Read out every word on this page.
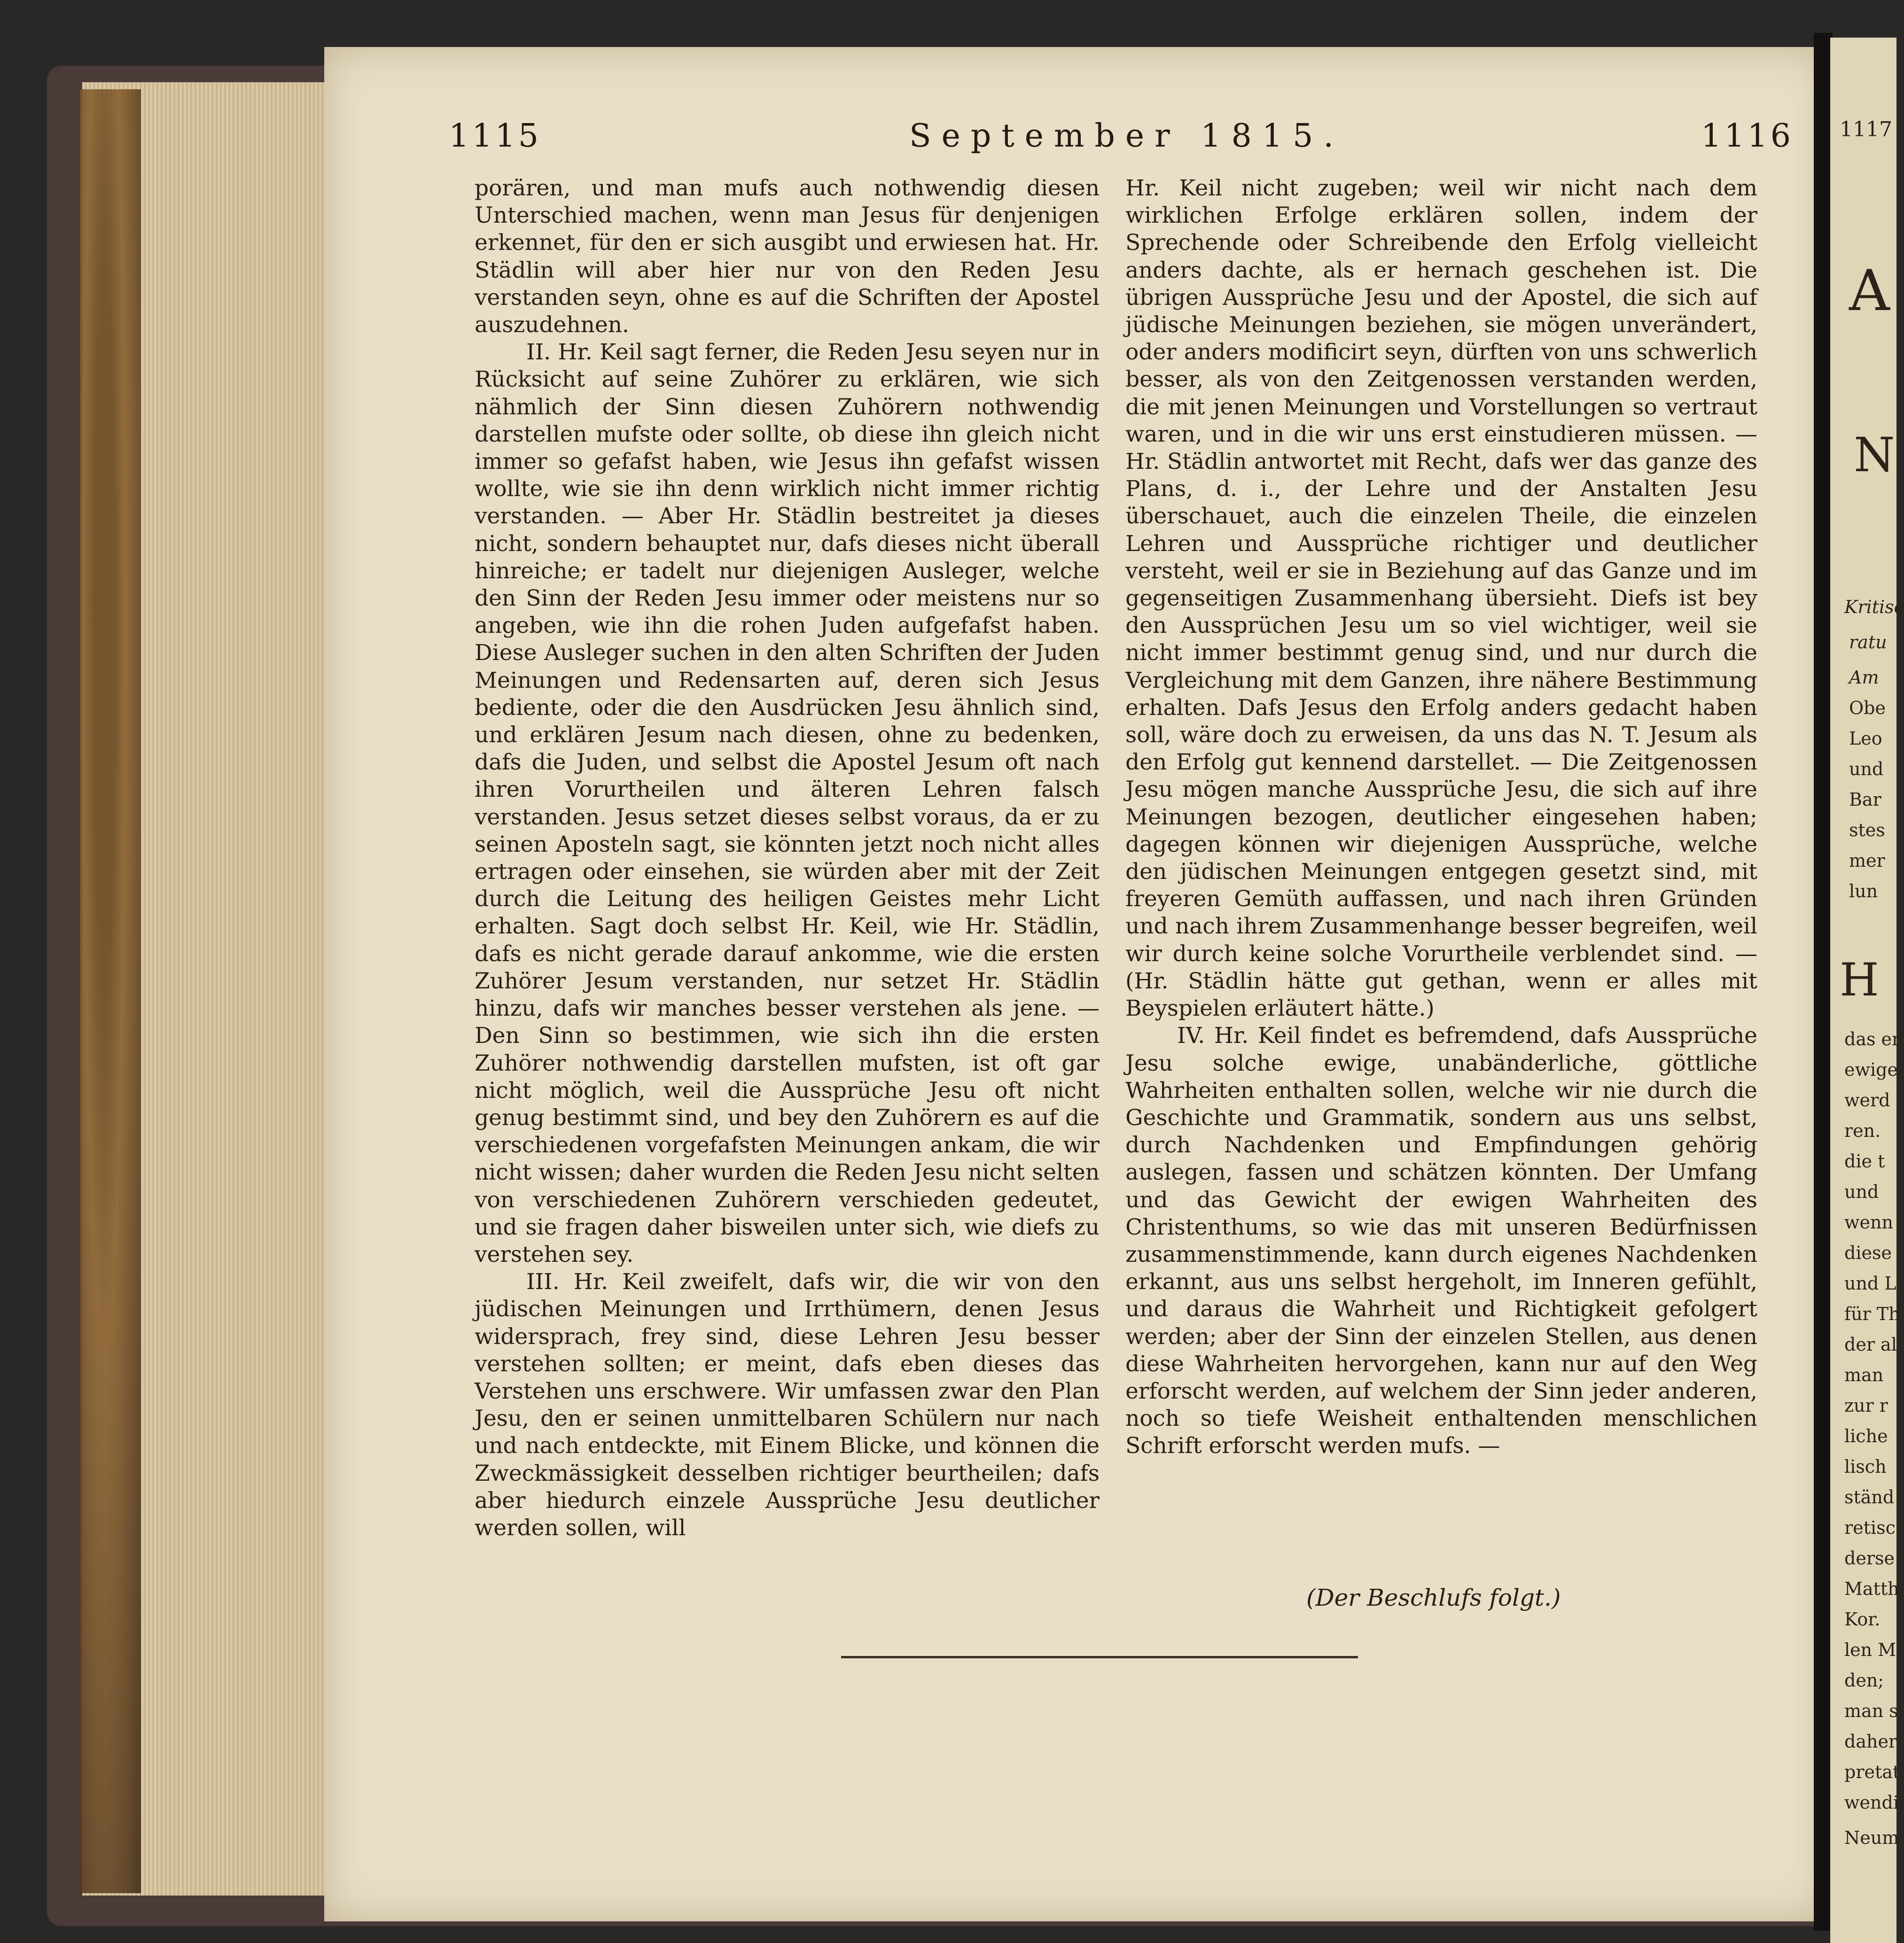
1115	September 1815.	1116

porären, und man mufs auch nothwendig diesen Unterschied machen, wenn man Jesus für denjenigen erkennet, für den er sich ausgibt und erwiesen hat. Hr. Städlin will aber hier nur von den Reden Jesu verstanden seyn, ohne es auf die Schriften der Apostel auszudehnen.

II. Hr. Keil sagt ferner, die Reden Jesu seyen nur in Rücksicht auf seine Zuhörer zu erklären, wie sich nähmlich der Sinn diesen Zuhörern nothwendig darstellen mufste oder sollte, ob diese ihn gleich nicht immer so gefafst haben, wie Jesus ihn gefafst wissen wollte, wie sie ihn denn wirklich nicht immer richtig verstanden. — Aber Hr. Städlin bestreitet ja dieses nicht, sondern behauptet nur, dafs dieses nicht überall hinreiche; er tadelt nur diejenigen Ausleger, welche den Sinn der Reden Jesu immer oder meistens nur so angeben, wie ihn die rohen Juden aufgefafst haben. Diese Ausleger suchen in den alten Schriften der Juden Meinungen und Redensarten auf, deren sich Jesus bediente, oder die den Ausdrücken Jesu ähnlich sind, und erklären Jesum nach diesen, ohne zu bedenken, dafs die Juden, und selbst die Apostel Jesum oft nach ihren Vorurtheilen und älteren Lehren falsch verstanden. Jesus setzet dieses selbst voraus, da er zu seinen Aposteln sagt, sie könnten jetzt noch nicht alles ertragen oder einsehen, sie würden aber mit der Zeit durch die Leitung des heiligen Geistes mehr Licht erhalten. Sagt doch selbst Hr. Keil, wie Hr. Städlin, dafs es nicht gerade darauf ankomme, wie die ersten Zuhörer Jesum verstanden, nur setzet Hr. Städlin hinzu, dafs wir manches besser verstehen als jene. — Den Sinn so bestimmen, wie sich ihn die ersten Zuhörer nothwendig darstellen mufsten, ist oft gar nicht möglich, weil die Aussprüche Jesu oft nicht genug bestimmt sind, und bey den Zuhörern es auf die verschiedenen vorgefafsten Meinungen ankam, die wir nicht wissen; daher wurden die Reden Jesu nicht selten von verschiedenen Zuhörern verschieden gedeutet, und sie fragen daher bisweilen unter sich, wie diefs zu verstehen sey.

III. Hr. Keil zweifelt, dafs wir, die wir von den jüdischen Meinungen und Irrthümern, denen Jesus widersprach, frey sind, diese Lehren Jesu besser verstehen sollten; er meint, dafs eben dieses das Verstehen uns erschwere. Wir umfassen zwar den Plan Jesu, den er seinen unmittelbaren Schülern nur nach und nach entdeckte, mit Einem Blicke, und können die Zweckmässigkeit desselben richtiger beurtheilen; dafs aber hiedurch einzele Aussprüche Jesu deutlicher werden sollen, will

Hr. Keil nicht zugeben; weil wir nicht nach dem wirklichen Erfolge erklären sollen, indem der Sprechende oder Schreibende den Erfolg vielleicht anders dachte, als er hernach geschehen ist. Die übrigen Aussprüche Jesu und der Apostel, die sich auf jüdische Meinungen beziehen, sie mögen unverändert, oder anders modificirt seyn, dürften von uns schwerlich besser, als von den Zeitgenossen verstanden werden, die mit jenen Meinungen und Vorstellungen so vertraut waren, und in die wir uns erst einstudieren müssen. — Hr. Städlin antwortet mit Recht, dafs wer das ganze des Plans, d. i., der Lehre und der Anstalten Jesu überschauet, auch die einzelen Theile, die einzelen Lehren und Aussprüche richtiger und deutlicher versteht, weil er sie in Beziehung auf das Ganze und im gegenseitigen Zusammenhang übersieht. Diefs ist bey den Aussprüchen Jesu um so viel wichtiger, weil sie nicht immer bestimmt genug sind, und nur durch die Vergleichung mit dem Ganzen, ihre nähere Bestimmung erhalten. Dafs Jesus den Erfolg anders gedacht haben soll, wäre doch zu erweisen, da uns das N. T. Jesum als den Erfolg gut kennend darstellet. — Die Zeitgenossen Jesu mögen manche Aussprüche Jesu, die sich auf ihre Meinungen bezogen, deutlicher eingesehen haben; dagegen können wir diejenigen Aussprüche, welche den jüdischen Meinungen entgegen gesetzt sind, mit freyeren Gemüth auffassen, und nach ihren Gründen und nach ihrem Zusammenhange besser begreifen, weil wir durch keine solche Vorurtheile verblendet sind. — (Hr. Städlin hätte gut gethan, wenn er alles mit Beyspielen erläutert hätte.)

IV. Hr. Keil findet es befremdend, dafs Aussprüche Jesu solche ewige, unabänderliche, göttliche Wahrheiten enthalten sollen, welche wir nie durch die Geschichte und Grammatik, sondern aus uns selbst, durch Nachdenken und Empfindungen gehörig auslegen, fassen und schätzen könnten. Der Umfang und das Gewicht der ewigen Wahrheiten des Christenthums, so wie das mit unseren Bedürfnissen zusammenstimmende, kann durch eigenes Nachdenken erkannt, aus uns selbst hergeholt, im Inneren gefühlt, und daraus die Wahrheit und Richtigkeit gefolgert werden; aber der Sinn der einzelen Stellen, aus denen diese Wahrheiten hervorgehen, kann nur auf den Weg erforscht werden, auf welchem der Sinn jeder anderen, noch so tiefe Weisheit enthaltenden menschlichen Schrift erforscht werden mufs. —

(Der Beschlufs folgt.)
1117
A
N
Kritisc
ratu
Am
Obe
Leo
und
Bar
stes
mer
lun
H
das er
ewige
werd
ren.
die t
und
wenn
diese
und L
für Th
der al
man
zur r
liche
lisch
ständ
retisc
derse
Matth
Kor.
len M
den;
man s
daher
pretat
wendi
Neum
